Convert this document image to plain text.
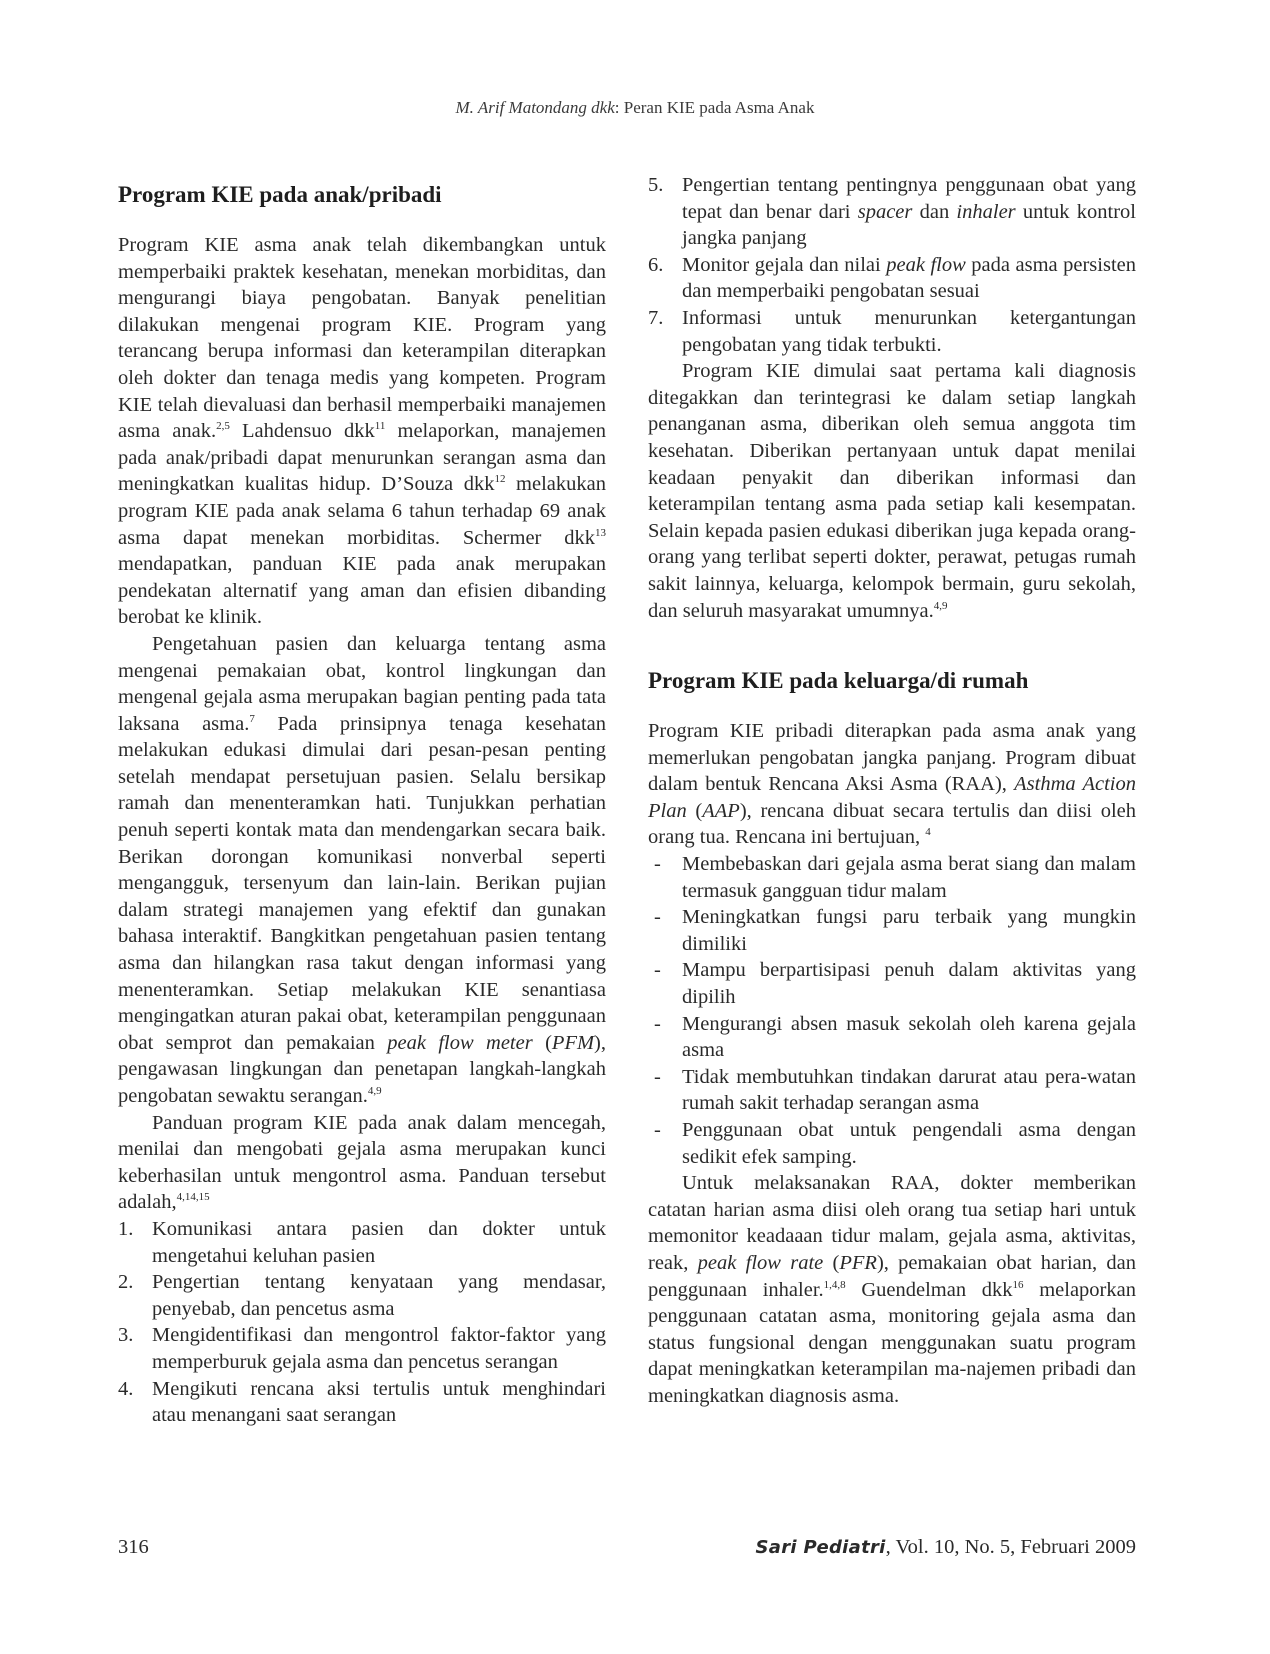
M. Arif Matondang dkk: Peran KIE pada Asma Anak
Program KIE pada anak/pribadi

Program KIE asma anak telah dikembangkan untuk memperbaiki praktek kesehatan, menekan morbiditas, dan mengurangi biaya pengobatan. Banyak penelitian dilakukan mengenai program KIE. Program yang terancang berupa informasi dan keterampilan diterapkan oleh dokter dan tenaga medis yang kompeten. Program KIE telah dievaluasi dan berhasil memperbaiki manajemen asma anak.$^{2,5}$ Lahdensuo dkk$^{11}$ melaporkan, manajemen pada anak/pribadi dapat menurunkan serangan asma dan meningkatkan kualitas hidup. D’Souza dkk$^{12}$ melakukan program KIE pada anak selama 6 tahun terhadap 69 anak asma dapat menekan morbiditas. Schermer dkk$^{13}$ mendapatkan, panduan KIE pada anak merupakan pendekatan alternatif yang aman dan efisien dibanding berobat ke klinik.

Pengetahuan pasien dan keluarga tentang asma mengenai pemakaian obat, kontrol lingkungan dan mengenal gejala asma merupakan bagian penting pada tata laksana asma.$^7$ Pada prinsipnya tenaga kesehatan melakukan edukasi dimulai dari pesan-pesan penting setelah mendapat persetujuan pasien. Selalu bersikap ramah dan menenteramkan hati. Tunjukkan perhatian penuh seperti kontak mata dan mendengarkan secara baik. Berikan dorongan komunikasi nonverbal seperti mengangguk, tersenyum dan lain-lain. Berikan pujian dalam strategi manajemen yang efektif dan gunakan bahasa interaktif. Bangkitkan pengetahuan pasien tentang asma dan hilangkan rasa takut dengan informasi yang menenteramkan. Setiap melakukan KIE senantiasa mengingatkan aturan pakai obat, keterampilan penggunaan obat semprot dan pemakaian peak flow meter (PFM), pengawasan lingkungan dan penetapan langkah-langkah pengobatan sewaktu serangan.$^{4,9}$

Panduan program KIE pada anak dalam mencegah, menilai dan mengobati gejala asma merupakan kunci keberhasilan untuk mengontrol asma. Panduan tersebut adalah,$^{4,14,15}$

1. Komunikasi antara pasien dan dokter untuk mengetahui keluhan pasien
2. Pengertian tentang kenyataan yang mendasar, penyebab, dan pencetus asma
3. Mengidentifikasi dan mengontrol faktor-faktor yang memperburuk gejala asma dan pencetus serangan
4. Mengikuti rencana aksi tertulis untuk menghindari atau menangani saat serangan
5. Pengertian tentang pentingnya penggunaan obat yang tepat dan benar dari spacer dan inhaler untuk kontrol jangka panjang
6. Monitor gejala dan nilai peak flow pada asma persisten dan memperbaiki pengobatan sesuai
7. Informasi untuk menurunkan ketergantungan pengobatan yang tidak terbukti.

Program KIE dimulai saat pertama kali diagnosis ditegakkan dan terintegrasi ke dalam setiap langkah penanganan asma, diberikan oleh semua anggota tim kesehatan. Diberikan pertanyaan untuk dapat menilai keadaan penyakit dan diberikan informasi dan keterampilan tentang asma pada setiap kali kesempatan. Selain kepada pasien edukasi diberikan juga kepada orang-orang yang terlibat seperti dokter, perawat, petugas rumah sakit lainnya, keluarga, kelompok bermain, guru sekolah, dan seluruh masyarakat umumnya.$^{4,9}$

Program KIE pada keluarga/di rumah

Program KIE pribadi diterapkan pada asma anak yang memerlukan pengobatan jangka panjang. Program dibuat dalam bentuk Rencana Aksi Asma (RAA), Asthma Action Plan (AAP), rencana dibuat secara tertulis dan diisi oleh orang tua. Rencana ini bertujuan, $^4$

- Membebaskan dari gejala asma berat siang dan malam termasuk gangguan tidur malam
- Meningkatkan fungsi paru terbaik yang mungkin dimiliki
- Mampu berpartisipasi penuh dalam aktivitas yang dipilih
- Mengurangi absen masuk sekolah oleh karena gejala asma
- Tidak membutuhkan tindakan darurat atau pera-watan rumah sakit terhadap serangan asma
- Penggunaan obat untuk pengendali asma dengan sedikit efek samping.

Untuk melaksanakan RAA, dokter memberikan catatan harian asma diisi oleh orang tua setiap hari untuk memonitor keadaaan tidur malam, gejala asma, aktivitas, reak, peak flow rate (PFR), pemakaian obat harian, dan penggunaan inhaler.$^{1,4,8}$ Guendelman dkk$^{16}$ melaporkan penggunaan catatan asma, monitoring gejala asma dan status fungsional dengan menggunakan suatu program dapat meningkatkan keterampilan ma-najemen pribadi dan meningkatkan diagnosis asma.

316	Sari Pediatri, Vol. 10, No. 5, Februari 2009
